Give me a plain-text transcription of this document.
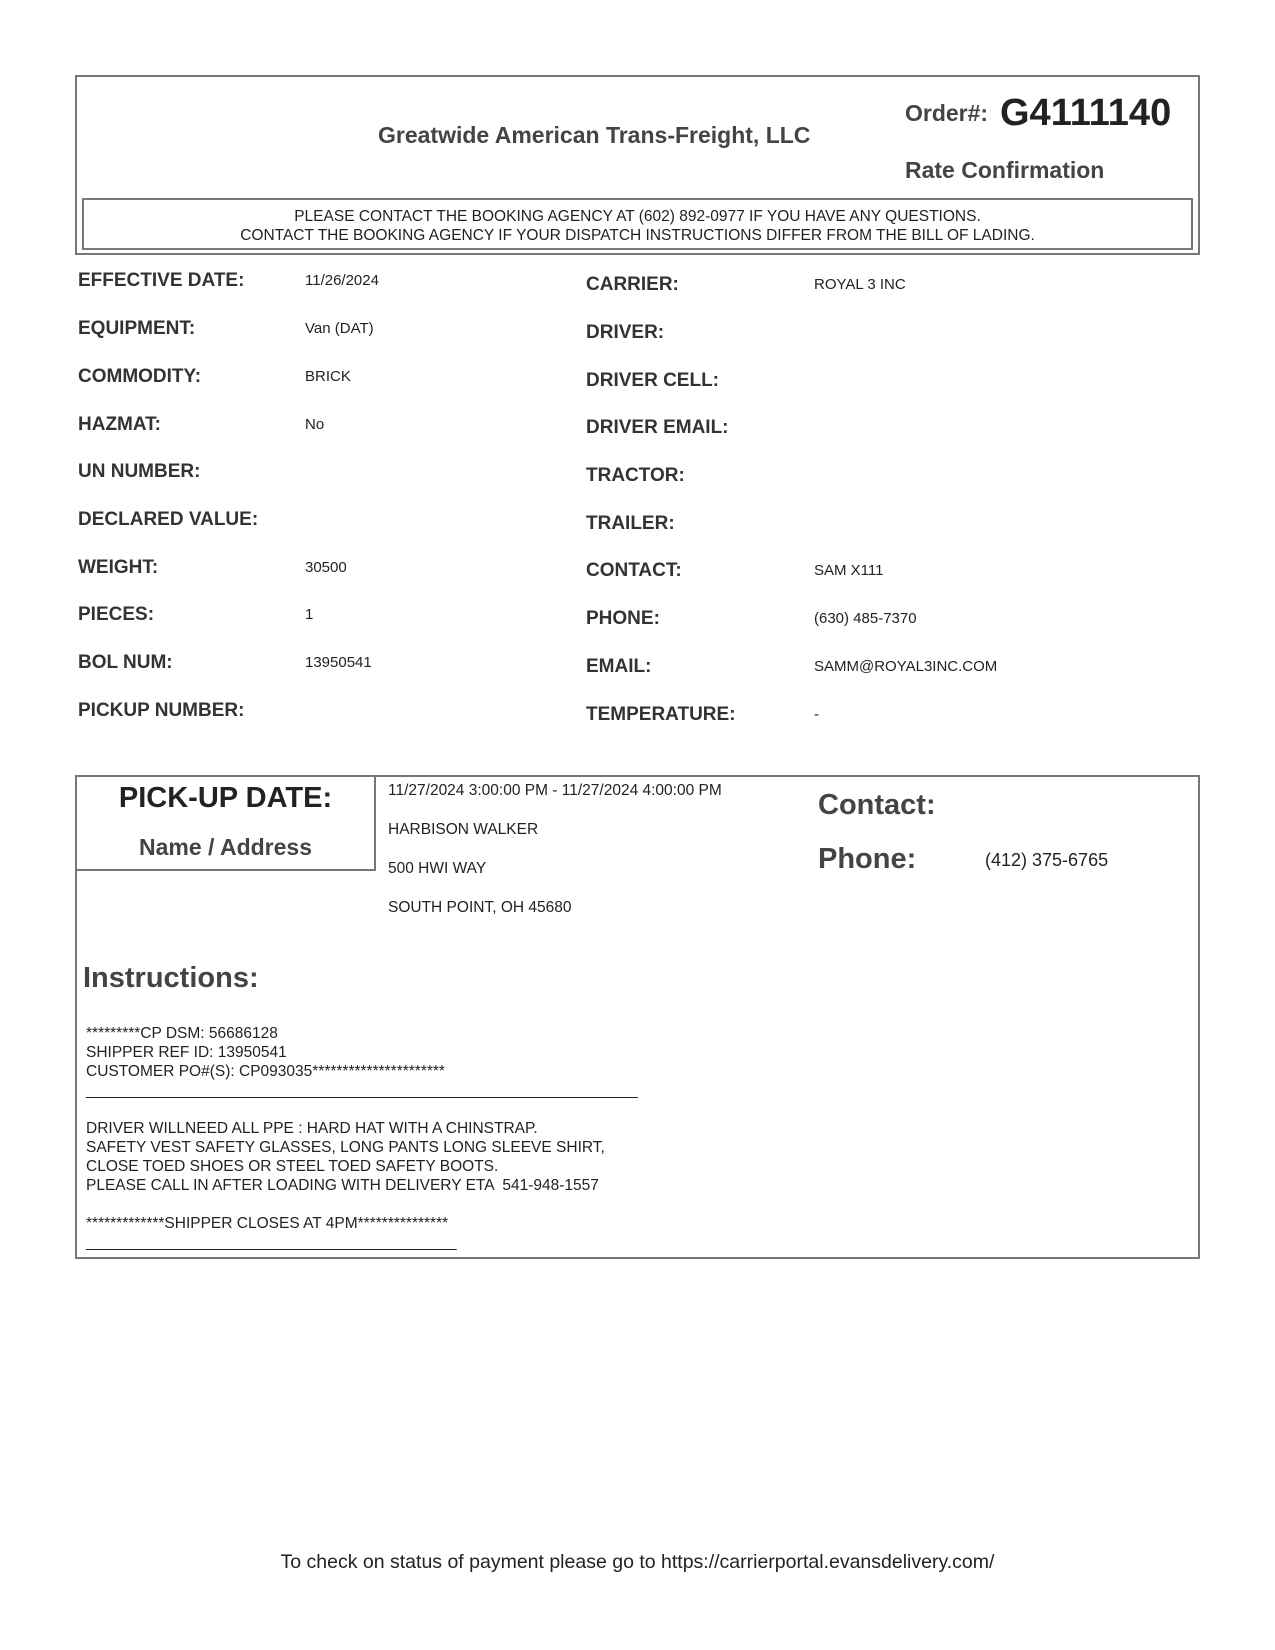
Greatwide American Trans-Freight, LLC
Order#: G4111140
Rate Confirmation
PLEASE CONTACT THE BOOKING AGENCY AT (602) 892-0977 IF YOU HAVE ANY QUESTIONS.
CONTACT THE BOOKING AGENCY IF YOUR DISPATCH INSTRUCTIONS DIFFER FROM THE BILL OF LADING.
EFFECTIVE DATE:	11/26/2024
EQUIPMENT:	Van (DAT)
COMMODITY:	BRICK
HAZMAT:	No
UN NUMBER:
DECLARED VALUE:
WEIGHT:	30500
PIECES:	1
BOL NUM:	13950541
PICKUP NUMBER:
CARRIER:	ROYAL 3 INC
DRIVER:
DRIVER CELL:
DRIVER EMAIL:
TRACTOR:
TRAILER:
CONTACT:	SAM X111
PHONE:	(630) 485-7370
EMAIL:	SAMM@ROYAL3INC.COM
TEMPERATURE:	-
PICK-UP DATE:
Name / Address
11/27/2024 3:00:00 PM - 11/27/2024 4:00:00 PM
HARBISON WALKER
500 HWI WAY
SOUTH POINT, OH 45680
Contact:
Phone:	(412) 375-6765
Instructions:
*********CP DSM: 56686128
SHIPPER REF ID: 13950541
CUSTOMER PO#(S): CP093035**********************
________________________________________________________________

DRIVER WILLNEED ALL PPE : HARD HAT WITH A CHINSTRAP.
SAFETY VEST SAFETY GLASSES, LONG PANTS LONG SLEEVE SHIRT,
CLOSE TOED SHOES OR STEEL TOED SAFETY BOOTS.
PLEASE CALL IN AFTER LOADING WITH DELIVERY ETA  541-948-1557

*************SHIPPER CLOSES AT 4PM***************
___________________________________________
To check on status of payment please go to https://carrierportal.evansdelivery.com/
